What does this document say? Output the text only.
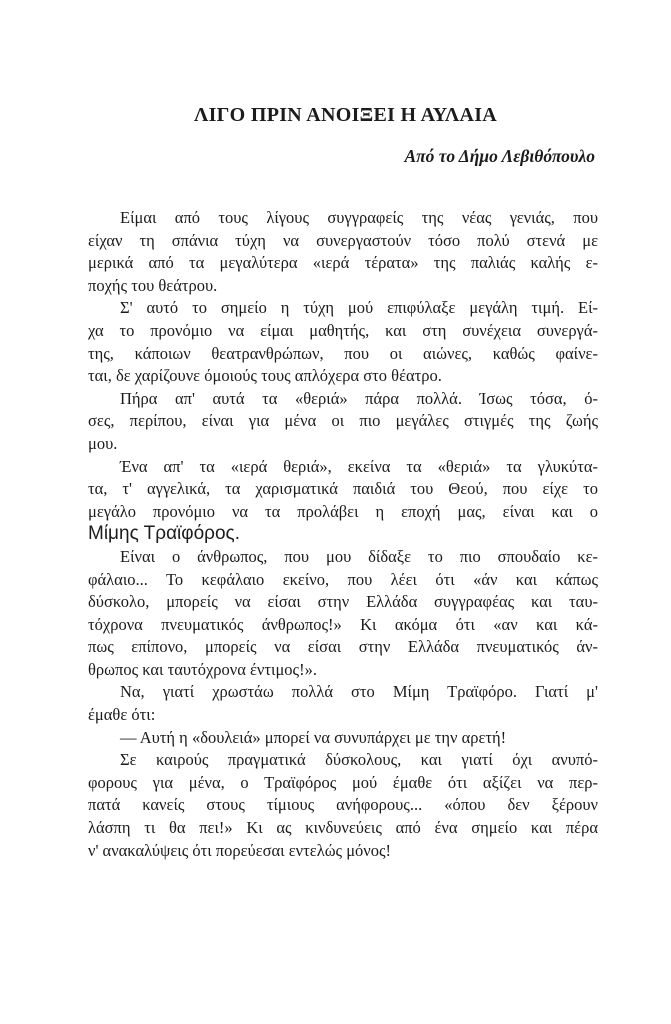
ΛΙΓΟ ΠΡΙΝ ΑΝΟΙΞΕΙ Η ΑΥΛΑΙΑ
Από το Δήμο Λεβιθόπουλο
Είμαι από τους λίγους συγγραφείς της νέας γενιάς, που
είχαν τη σπάνια τύχη να συνεργαστούν τόσο πολύ στενά με
μερικά από τα μεγαλύτερα «ιερά τέρατα» της παλιάς καλής ε-
ποχής του θεάτρου.
Σ' αυτό το σημείο η τύχη μού επιφύλαξε μεγάλη τιμή. Εί-
χα το προνόμιο να είμαι μαθητής, και στη συνέχεια συνεργά-
της, κάποιων θεατρανθρώπων, που οι αιώνες, καθώς φαίνε-
ται, δε χαρίζουνε όμοιούς τους απλόχερα στο θέατρο.
Πήρα απ' αυτά τα «θεριά» πάρα πολλά. Ίσως τόσα, ό-
σες, περίπου, είναι για μένα οι πιο μεγάλες στιγμές της ζωής
μου.
Ένα απ' τα «ιερά θεριά», εκείνα τα «θεριά» τα γλυκύτα-
τα, τ' αγγελικά, τα χαρισματικά παιδιά του Θεού, που είχε το
μεγάλο προνόμιο να τα προλάβει η εποχή μας, είναι και ο
Μίμης Τραϊφόρος.
Είναι ο άνθρωπος, που μου δίδαξε το πιο σπουδαίο κε-
φάλαιο... Το κεφάλαιο εκείνο, που λέει ότι «άν και κάπως
δύσκολο, μπορείς να είσαι στην Ελλάδα συγγραφέας και ταυ-
τόχρονα πνευματικός άνθρωπος!» Κι ακόμα ότι «αν και κά-
πως επίπονο, μπορείς να είσαι στην Ελλάδα πνευματικός άν-
θρωπος και ταυτόχρονα έντιμος!».
Να, γιατί χρωστάω πολλά στο Μίμη Τραϊφόρο. Γιατί μ'
έμαθε ότι:
— Αυτή η «δουλειά» μπορεί να συνυπάρχει με την αρετή!
Σε καιρούς πραγματικά δύσκολους, και γιατί όχι ανυπό-
φορους για μένα, ο Τραϊφόρος μού έμαθε ότι αξίζει να περ-
πατά κανείς στους τίμιους ανήφορους... «όπου δεν ξέρουν
λάσπη τι θα πει!» Κι ας κινδυνεύεις από ένα σημείο και πέρα
ν' ανακαλύψεις ότι πορεύεσαι εντελώς μόνος!
